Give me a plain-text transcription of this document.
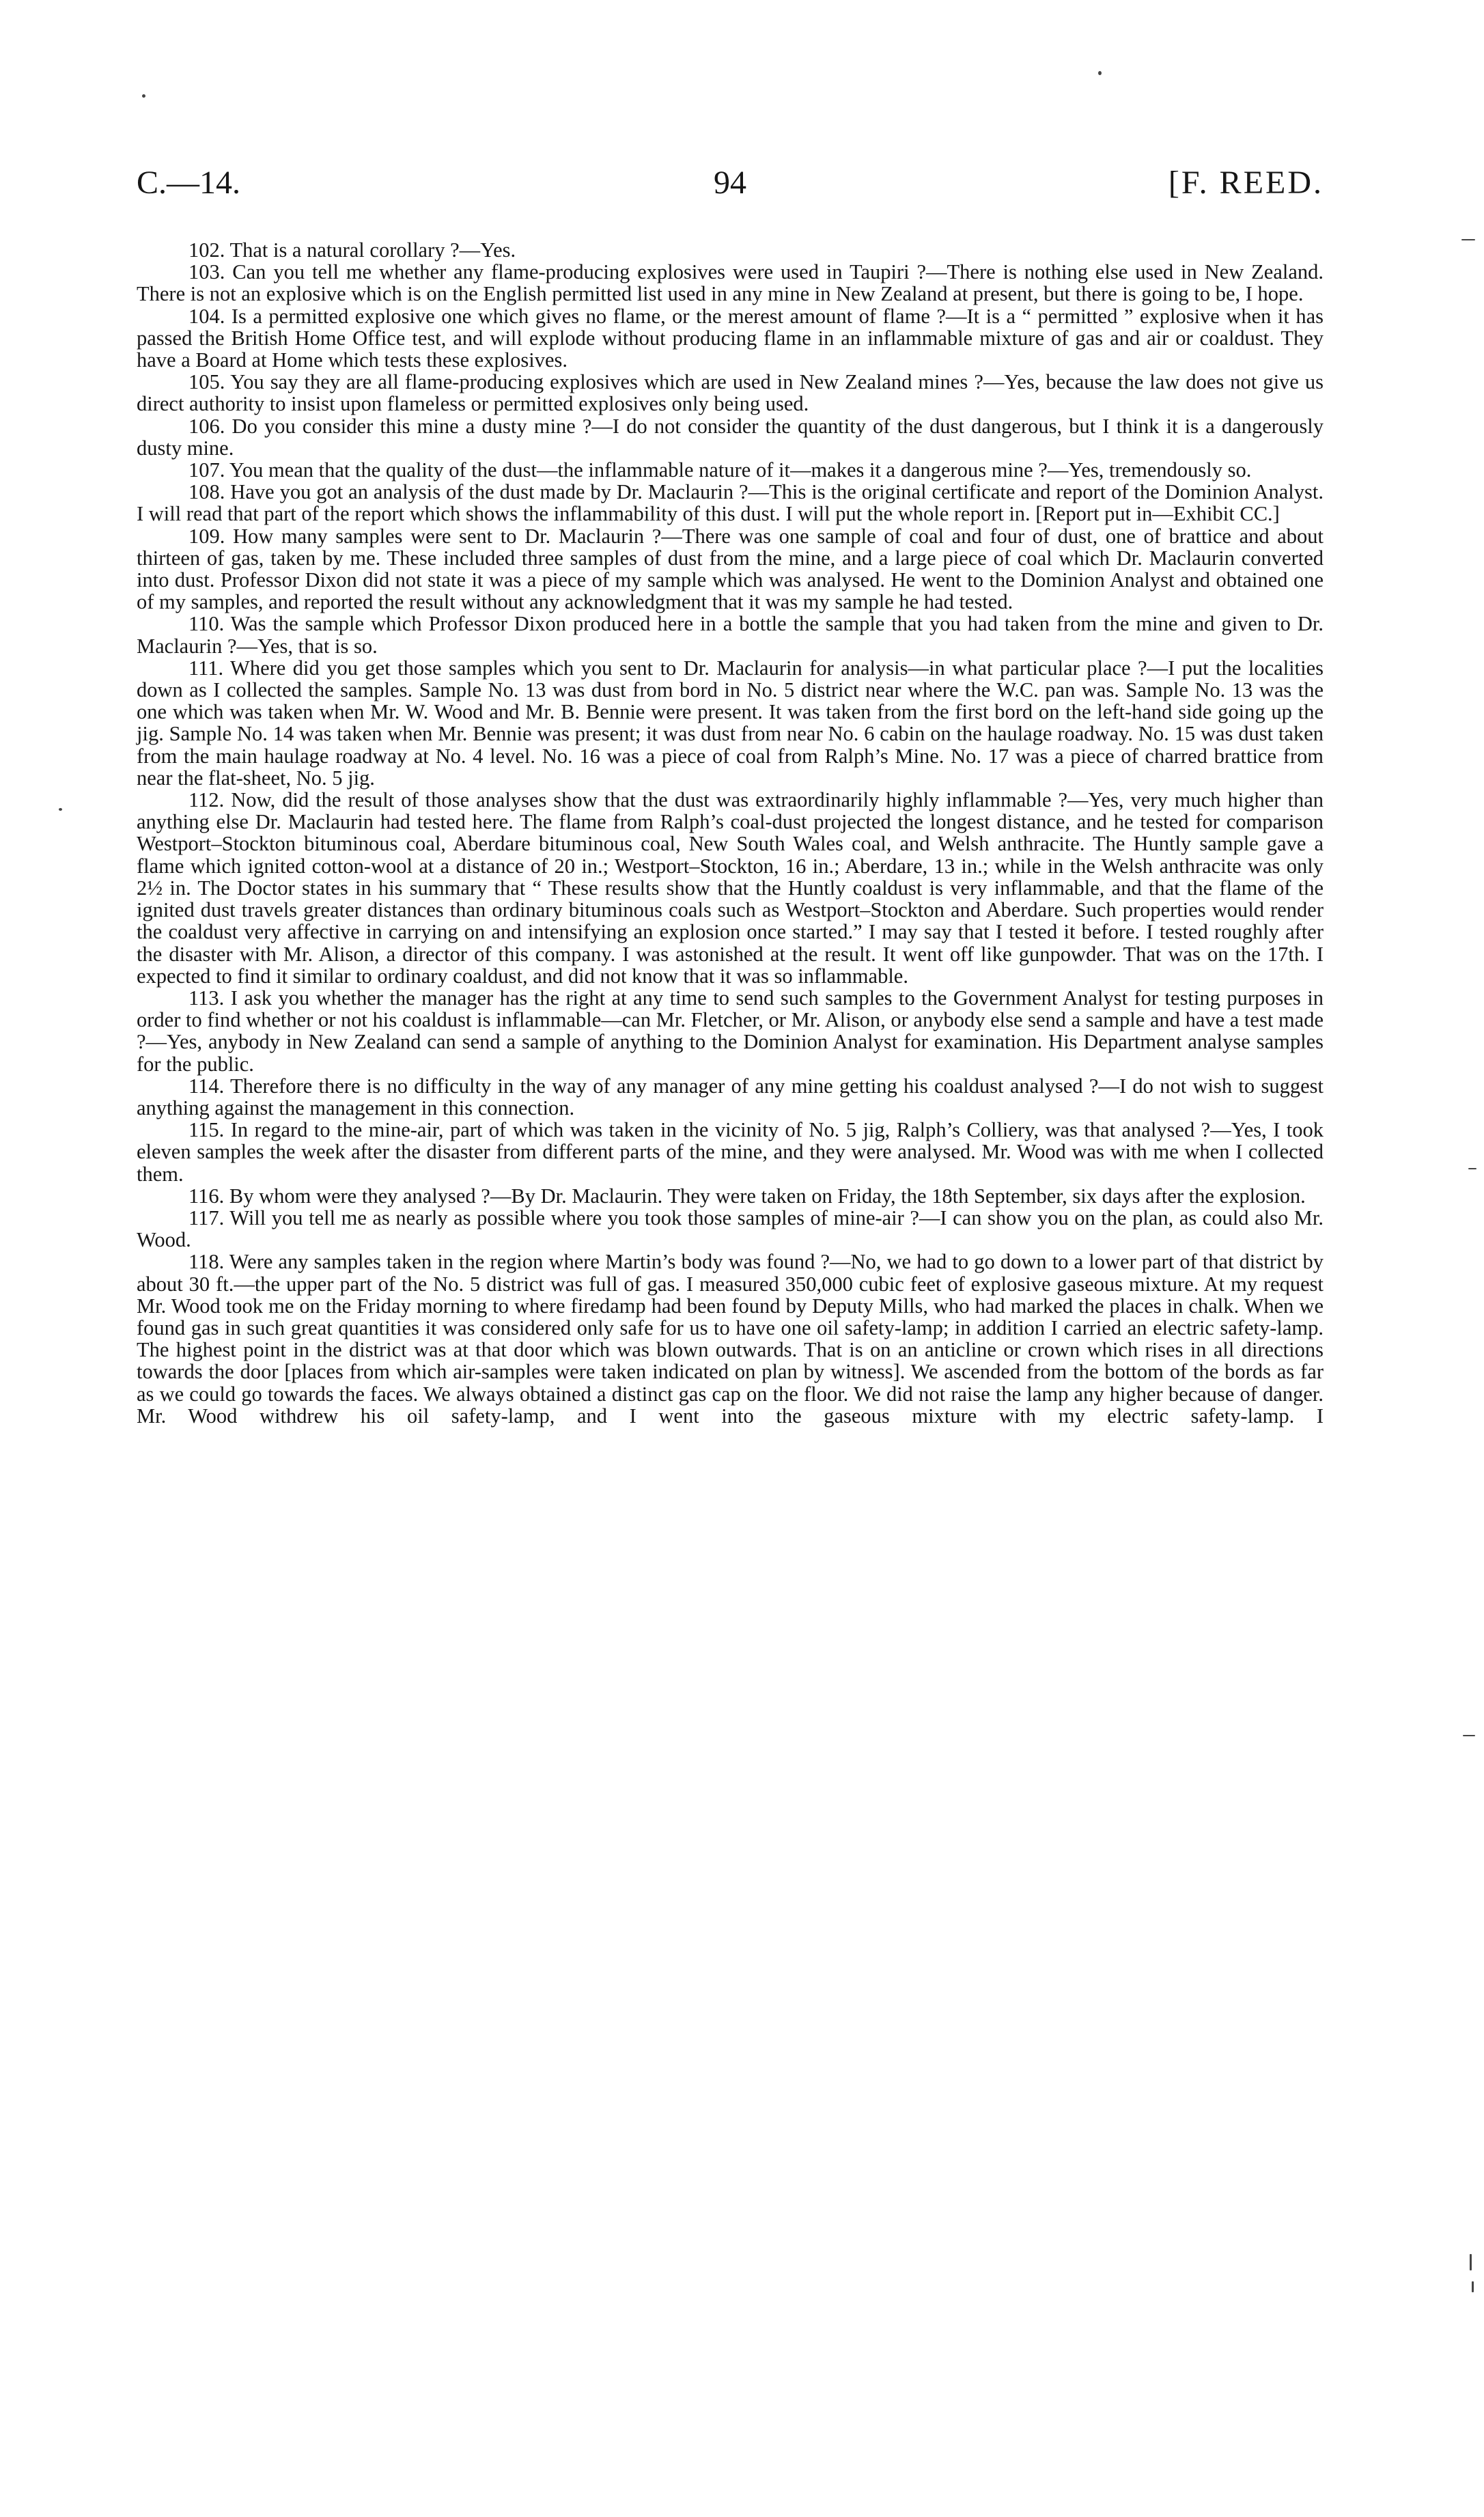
C.—14.	94	[F. REED.

102. That is a natural corollary ?—Yes.

103. Can you tell me whether any flame-producing explosives were used in Taupiri ?—There is nothing else used in New Zealand. There is not an explosive which is on the English permitted list used in any mine in New Zealand at present, but there is going to be, I hope.

104. Is a permitted explosive one which gives no flame, or the merest amount of flame ?—It is a “ permitted ” explosive when it has passed the British Home Office test, and will explode without producing flame in an inflammable mixture of gas and air or coaldust. They have a Board at Home which tests these explosives.

105. You say they are all flame-producing explosives which are used in New Zealand mines ?—Yes, because the law does not give us direct authority to insist upon flameless or permitted explosives only being used.

106. Do you consider this mine a dusty mine ?—I do not consider the quantity of the dust dangerous, but I think it is a dangerously dusty mine.

107. You mean that the quality of the dust—the inflammable nature of it—makes it a dangerous mine ?—Yes, tremendously so.

108. Have you got an analysis of the dust made by Dr. Maclaurin ?—This is the original certificate and report of the Dominion Analyst. I will read that part of the report which shows the inflammability of this dust. I will put the whole report in. [Report put in—Exhibit CC.]

109. How many samples were sent to Dr. Maclaurin ?—There was one sample of coal and four of dust, one of brattice and about thirteen of gas, taken by me. These included three samples of dust from the mine, and a large piece of coal which Dr. Maclaurin converted into dust. Professor Dixon did not state it was a piece of my sample which was analysed. He went to the Dominion Analyst and obtained one of my samples, and reported the result without any acknowledgment that it was my sample he had tested.

110. Was the sample which Professor Dixon produced here in a bottle the sample that you had taken from the mine and given to Dr. Maclaurin ?—Yes, that is so.

111. Where did you get those samples which you sent to Dr. Maclaurin for analysis—in what particular place ?—I put the localities down as I collected the samples. Sample No. 13 was dust from bord in No. 5 district near where the W.C. pan was. Sample No. 13 was the one which was taken when Mr. W. Wood and Mr. B. Bennie were present. It was taken from the first bord on the left-hand side going up the jig. Sample No. 14 was taken when Mr. Bennie was present; it was dust from near No. 6 cabin on the haulage roadway. No. 15 was dust taken from the main haulage roadway at No. 4 level. No. 16 was a piece of coal from Ralph’s Mine. No. 17 was a piece of charred brattice from near the flat-sheet, No. 5 jig.

112. Now, did the result of those analyses show that the dust was extraordinarily highly inflammable ?—Yes, very much higher than anything else Dr. Maclaurin had tested here. The flame from Ralph’s coal-dust projected the longest distance, and he tested for comparison Westport–Stockton bituminous coal, Aberdare bituminous coal, New South Wales coal, and Welsh anthracite. The Huntly sample gave a flame which ignited cotton-wool at a distance of 20 in.; Westport–Stockton, 16 in.; Aberdare, 13 in.; while in the Welsh anthracite was only 2½ in. The Doctor states in his summary that “ These results show that the Huntly coaldust is very inflammable, and that the flame of the ignited dust travels greater distances than ordinary bituminous coals such as Westport–Stockton and Aberdare. Such properties would render the coaldust very affective in carrying on and intensifying an explosion once started.” I may say that I tested it before. I tested roughly after the disaster with Mr. Alison, a director of this company. I was astonished at the result. It went off like gunpowder. That was on the 17th. I expected to find it similar to ordinary coaldust, and did not know that it was so inflammable.

113. I ask you whether the manager has the right at any time to send such samples to the Government Analyst for testing purposes in order to find whether or not his coaldust is inflammable—can Mr. Fletcher, or Mr. Alison, or anybody else send a sample and have a test made ?—Yes, anybody in New Zealand can send a sample of anything to the Dominion Analyst for examination. His Department analyse samples for the public.

114. Therefore there is no difficulty in the way of any manager of any mine getting his coaldust analysed ?—I do not wish to suggest anything against the management in this connection.

115. In regard to the mine-air, part of which was taken in the vicinity of No. 5 jig, Ralph’s Colliery, was that analysed ?—Yes, I took eleven samples the week after the disaster from different parts of the mine, and they were analysed. Mr. Wood was with me when I collected them.

116. By whom were they analysed ?—By Dr. Maclaurin. They were taken on Friday, the 18th September, six days after the explosion.

117. Will you tell me as nearly as possible where you took those samples of mine-air ?—I can show you on the plan, as could also Mr. Wood.

118. Were any samples taken in the region where Martin’s body was found ?—No, we had to go down to a lower part of that district by about 30 ft.—the upper part of the No. 5 district was full of gas. I measured 350,000 cubic feet of explosive gaseous mixture. At my request Mr. Wood took me on the Friday morning to where firedamp had been found by Deputy Mills, who had marked the places in chalk. When we found gas in such great quantities it was considered only safe for us to have one oil safety-lamp; in addition I carried an electric safety-lamp. The highest point in the district was at that door which was blown outwards. That is on an anticline or crown which rises in all directions towards the door [places from which air-samples were taken indicated on plan by witness]. We ascended from the bottom of the bords as far as we could go towards the faces. We always obtained a distinct gas cap on the floor. We did not raise the lamp any higher because of danger. Mr. Wood withdrew his oil safety-lamp, and I went into the gaseous mixture with my electric safety-lamp. I
